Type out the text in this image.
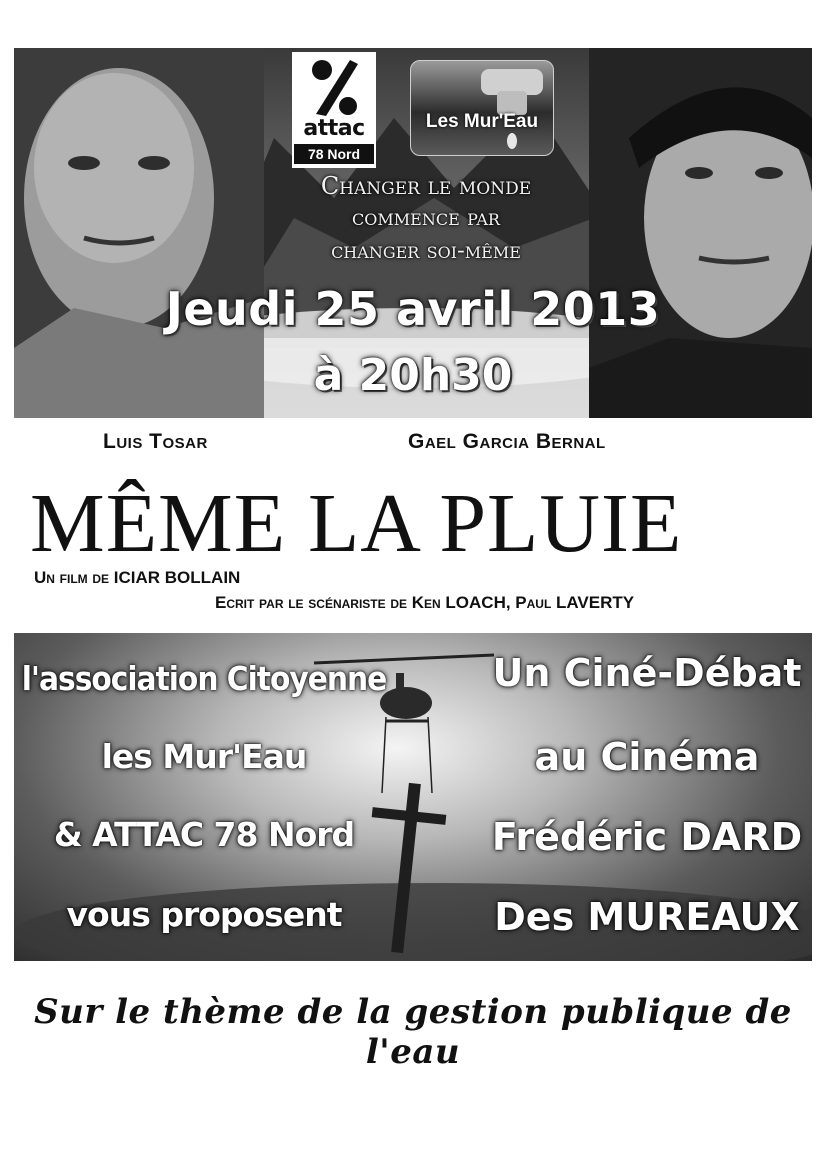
attac
78 Nord
Les Mur'Eau
Changer le monde
commence par
changer soi-même
Jeudi 25 avril 2013
à 20h30
Luis Tosar	Gael Garcia Bernal
MÊME LA PLUIE
Un film de ICIAR BOLLAIN
Ecrit par le scénariste de Ken LOACH, Paul LAVERTY
l'association Citoyenne
les Mur'Eau
& ATTAC 78 Nord
vous proposent
Un Ciné-Débat
au Cinéma
Frédéric DARD
Des MUREAUX
Sur le thème de la gestion publique de l'eau
